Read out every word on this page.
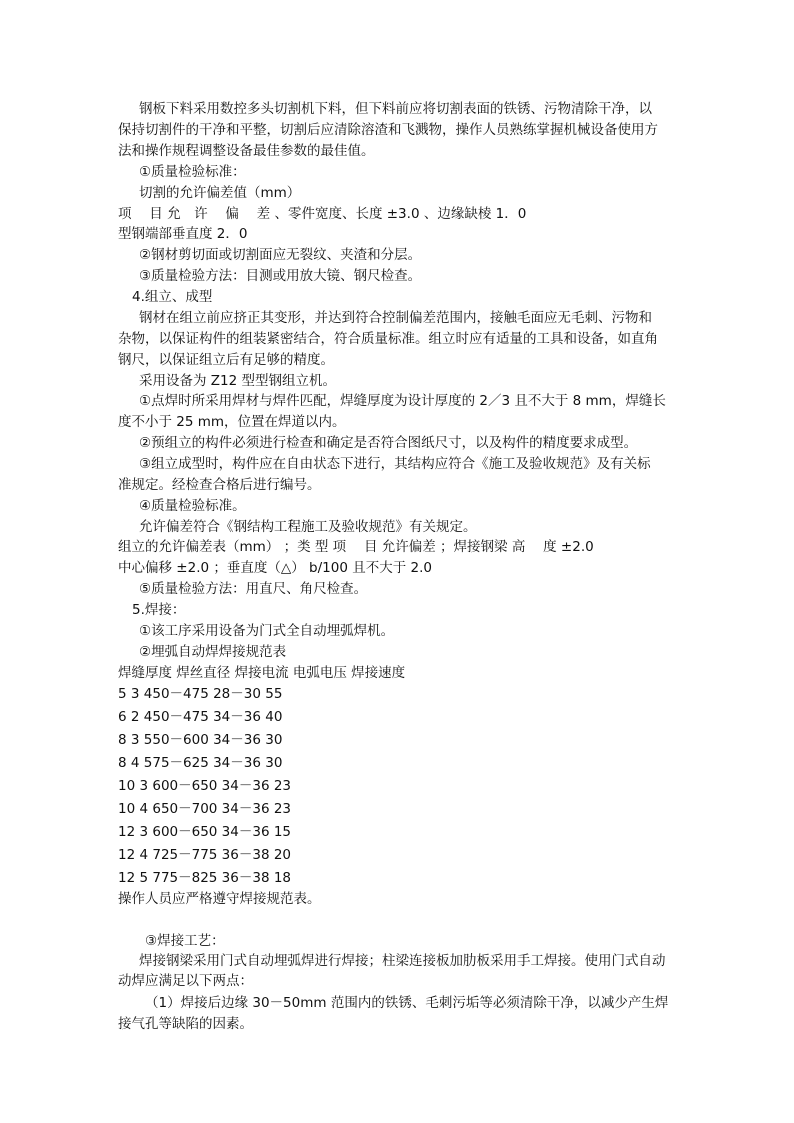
钢板下料采用数控多头切割机下料，但下料前应将切割表面的铁锈、污物清除干净，以
保持切割件的干净和平整，切割后应清除溶渣和飞溅物，操作人员熟练掌握机械设备使用方
法和操作规程调整设备最佳参数的最佳值。
①质量检验标准：
切割的允许偏差值（mm）
项　 目 允　许　 偏　 差 、零件宽度、长度 ±3.0 、边缘缺棱 1．0
型钢端部垂直度 2．0
②钢材剪切面或切割面应无裂纹、夹渣和分层。
③质量检验方法：目测或用放大镜、钢尺检查。
4.组立、成型
钢材在组立前应挤正其变形，并达到符合控制偏差范围内，接触毛面应无毛刺、污物和
杂物，以保证构件的组装紧密结合，符合质量标准。组立时应有适量的工具和设备，如直角
钢尺，以保证组立后有足够的精度。
采用设备为 Z12 型型钢组立机。
①点焊时所采用焊材与焊件匹配，焊缝厚度为设计厚度的 2／3 且不大于 8 mm，焊缝长
度不小于 25 mm，位置在焊道以内。
②预组立的构件必须进行检查和确定是否符合图纸尺寸，以及构件的精度要求成型。
③组立成型时，构件应在自由状态下进行，其结构应符合《施工及验收规范》及有关标
准规定。经检查合格后进行编号。
④质量检验标准。
允许偏差符合《钢结构工程施工及验收规范》有关规定。
组立的允许偏差表（mm） ；类 型 项　 目 允许偏差 ；焊接钢梁 高　 度 ±2.0
中心偏移 ±2.0 ；垂直度（△） b/100 且不大于 2.0
⑤质量检验方法：用直尺、角尺检查。
5.焊接：
①该工序采用设备为门式全自动埋弧焊机。
②埋弧自动焊焊接规范表
焊缝厚度 焊丝直径 焊接电流 电弧电压 焊接速度
5 3 450－475 28－30 55
6 2 450－475 34－36 40
8 3 550－600 34－36 30
8 4 575－625 34－36 30
10 3 600－650 34－36 23
10 4 650－700 34－36 23
12 3 600－650 34－36 15
12 4 725－775 36－38 20
12 5 775－825 36－38 18
操作人员应严格遵守焊接规范表。
③焊接工艺：
焊接钢梁采用门式自动埋弧焊进行焊接；柱梁连接板加肋板采用手工焊接。使用门式自动
动焊应满足以下两点：
（1）焊接后边缘 30－50mm 范围内的铁锈、毛刺污垢等必须清除干净，以减少产生焊
接气孔等缺陷的因素。
